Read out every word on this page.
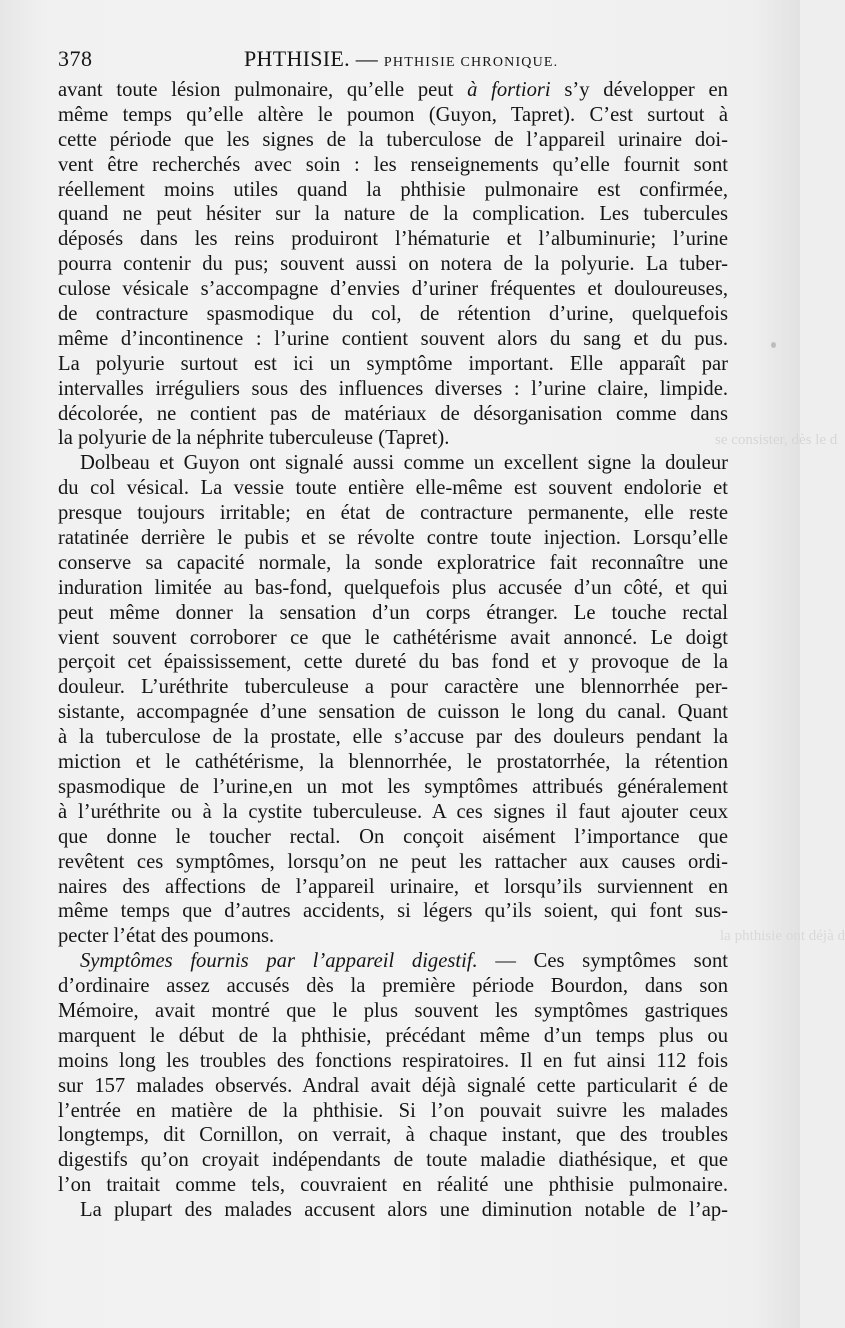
378	PHTHISIE. — PHTHISIE CHRONIQUE.
avant toute lésion pulmonaire, qu’elle peut à fortiori s’y développer en
même temps qu’elle altère le poumon (Guyon, Tapret). C’est surtout à
cette période que les signes de la tuberculose de l’appareil urinaire doi-
vent être recherchés avec soin : les renseignements qu’elle fournit sont
réellement moins utiles quand la phthisie pulmonaire est confirmée,
quand ne peut hésiter sur la nature de la complication. Les tubercules
déposés dans les reins produiront l’hématurie et l’albuminurie; l’urine
pourra contenir du pus; souvent aussi on notera de la polyurie. La tuber-
culose vésicale s’accompagne d’envies d’uriner fréquentes et douloureuses,
de contracture spasmodique du col, de rétention d’urine, quelquefois
même d’incontinence : l’urine contient souvent alors du sang et du pus.
La polyurie surtout est ici un symptôme important. Elle apparaît par
intervalles irréguliers sous des influences diverses : l’urine claire, limpide.
décolorée, ne contient pas de matériaux de désorganisation comme dans
la polyurie de la néphrite tuberculeuse (Tapret).
Dolbeau et Guyon ont signalé aussi comme un excellent signe la douleur
du col vésical. La vessie toute entière elle-même est souvent endolorie et
presque toujours irritable; en état de contracture permanente, elle reste
ratatinée derrière le pubis et se révolte contre toute injection. Lorsqu’elle
conserve sa capacité normale, la sonde exploratrice fait reconnaître une
induration limitée au bas-fond, quelquefois plus accusée d’un côté, et qui
peut même donner la sensation d’un corps étranger. Le touche rectal
vient souvent corroborer ce que le cathétérisme avait annoncé. Le doigt
perçoit cet épaississement, cette dureté du bas fond et y provoque de la
douleur. L’uréthrite tuberculeuse a pour caractère une blennorrhée per-
sistante, accompagnée d’une sensation de cuisson le long du canal. Quant
à la tuberculose de la prostate, elle s’accuse par des douleurs pendant la
miction et le cathétérisme, la blennorrhée, le prostatorrhée, la rétention
spasmodique de l’urine,en un mot les symptômes attribués généralement
à l’uréthrite ou à la cystite tuberculeuse. A ces signes il faut ajouter ceux
que donne le toucher rectal. On conçoit aisément l’importance que
revêtent ces symptômes, lorsqu’on ne peut les rattacher aux causes ordi-
naires des affections de l’appareil urinaire, et lorsqu’ils surviennent en
même temps que d’autres accidents, si légers qu’ils soient, qui font sus-
pecter l’état des poumons.
Symptômes fournis par l’appareil digestif. — Ces symptômes sont
d’ordinaire assez accusés dès la première période Bourdon, dans son
Mémoire, avait montré que le plus souvent les symptômes gastriques
marquent le début de la phthisie, précédant même d’un temps plus ou
moins long les troubles des fonctions respiratoires. Il en fut ainsi 112 fois
sur 157 malades observés. Andral avait déjà signalé cette particularit é de
l’entrée en matière de la phthisie. Si l’on pouvait suivre les malades
longtemps, dit Cornillon, on verrait, à chaque instant, que des troubles
digestifs qu’on croyait indépendants de toute maladie diathésique, et que
l’on traitait comme tels, couvraient en réalité une phthisie pulmonaire.
La plupart des malades accusent alors une diminution notable de l’ap-
se consister, dès le d
la phthisie ont déjà d
